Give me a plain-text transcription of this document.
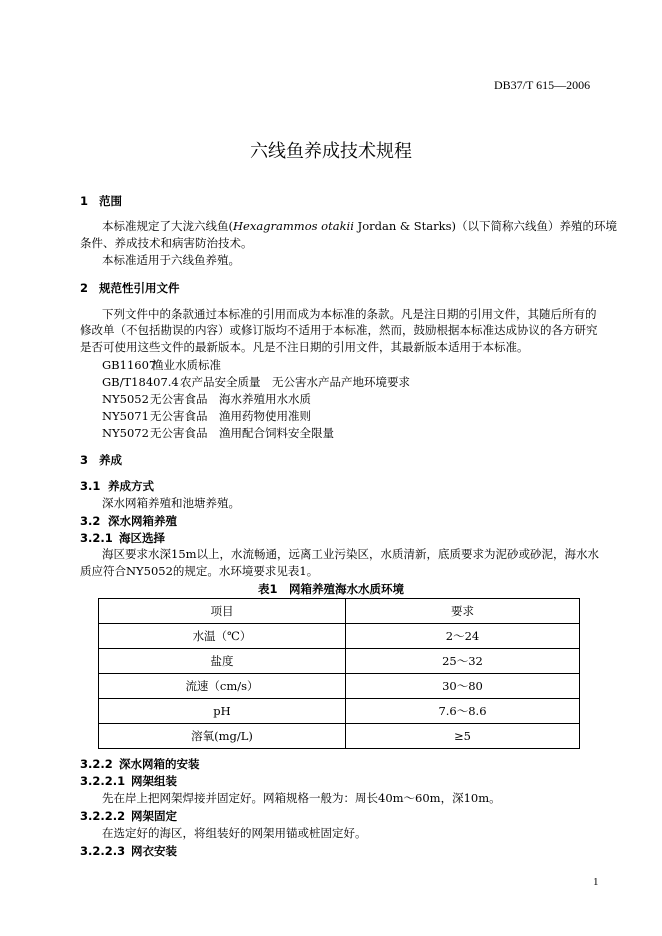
DB37/T 615—2006
六线鱼养成技术规程
1 范围
本标准规定了大泷六线鱼(Hexagrammos otakii Jordan & Starks)（以下简称六线鱼）养殖的环境
条件、养成技术和病害防治技术。
本标准适用于六线鱼养殖。
2 规范性引用文件
下列文件中的条款通过本标准的引用而成为本标准的条款。凡是注日期的引用文件，其随后所有的
修改单（不包括勘误的内容）或修订版均不适用于本标准，然而，鼓励根据本标准达成协议的各方研究
是否可使用这些文件的最新版本。凡是不注日期的引用文件，其最新版本适用于本标准。
GB11607渔业水质标准
GB/T18407.4农产品安全质量　无公害水产品产地环境要求
NY5052无公害食品　海水养殖用水水质
NY5071无公害食品　渔用药物使用准则
NY5072无公害食品　渔用配合饲料安全限量
3 养成
3.1 养成方式
深水网箱养殖和池塘养殖。
3.2 深水网箱养殖
3.2.1 海区选择
海区要求水深15m以上，水流畅通，远离工业污染区，水质清新，底质要求为泥砂或砂泥，海水水
质应符合NY5052的规定。水环境要求见表1。
表1　网箱养殖海水水质环境
项目	要求
水温（℃）	2～24
盐度	25～32
流速（cm/s）	30～80
pH	7.6～8.6
溶氧(mg/L)	≥5
3.2.2 深水网箱的安装
3.2.2.1 网架组装
先在岸上把网架焊接并固定好。网箱规格一般为：周长40m～60m，深10m。
3.2.2.2 网架固定
在选定好的海区，将组装好的网架用锚或桩固定好。
3.2.2.3 网衣安装
1
